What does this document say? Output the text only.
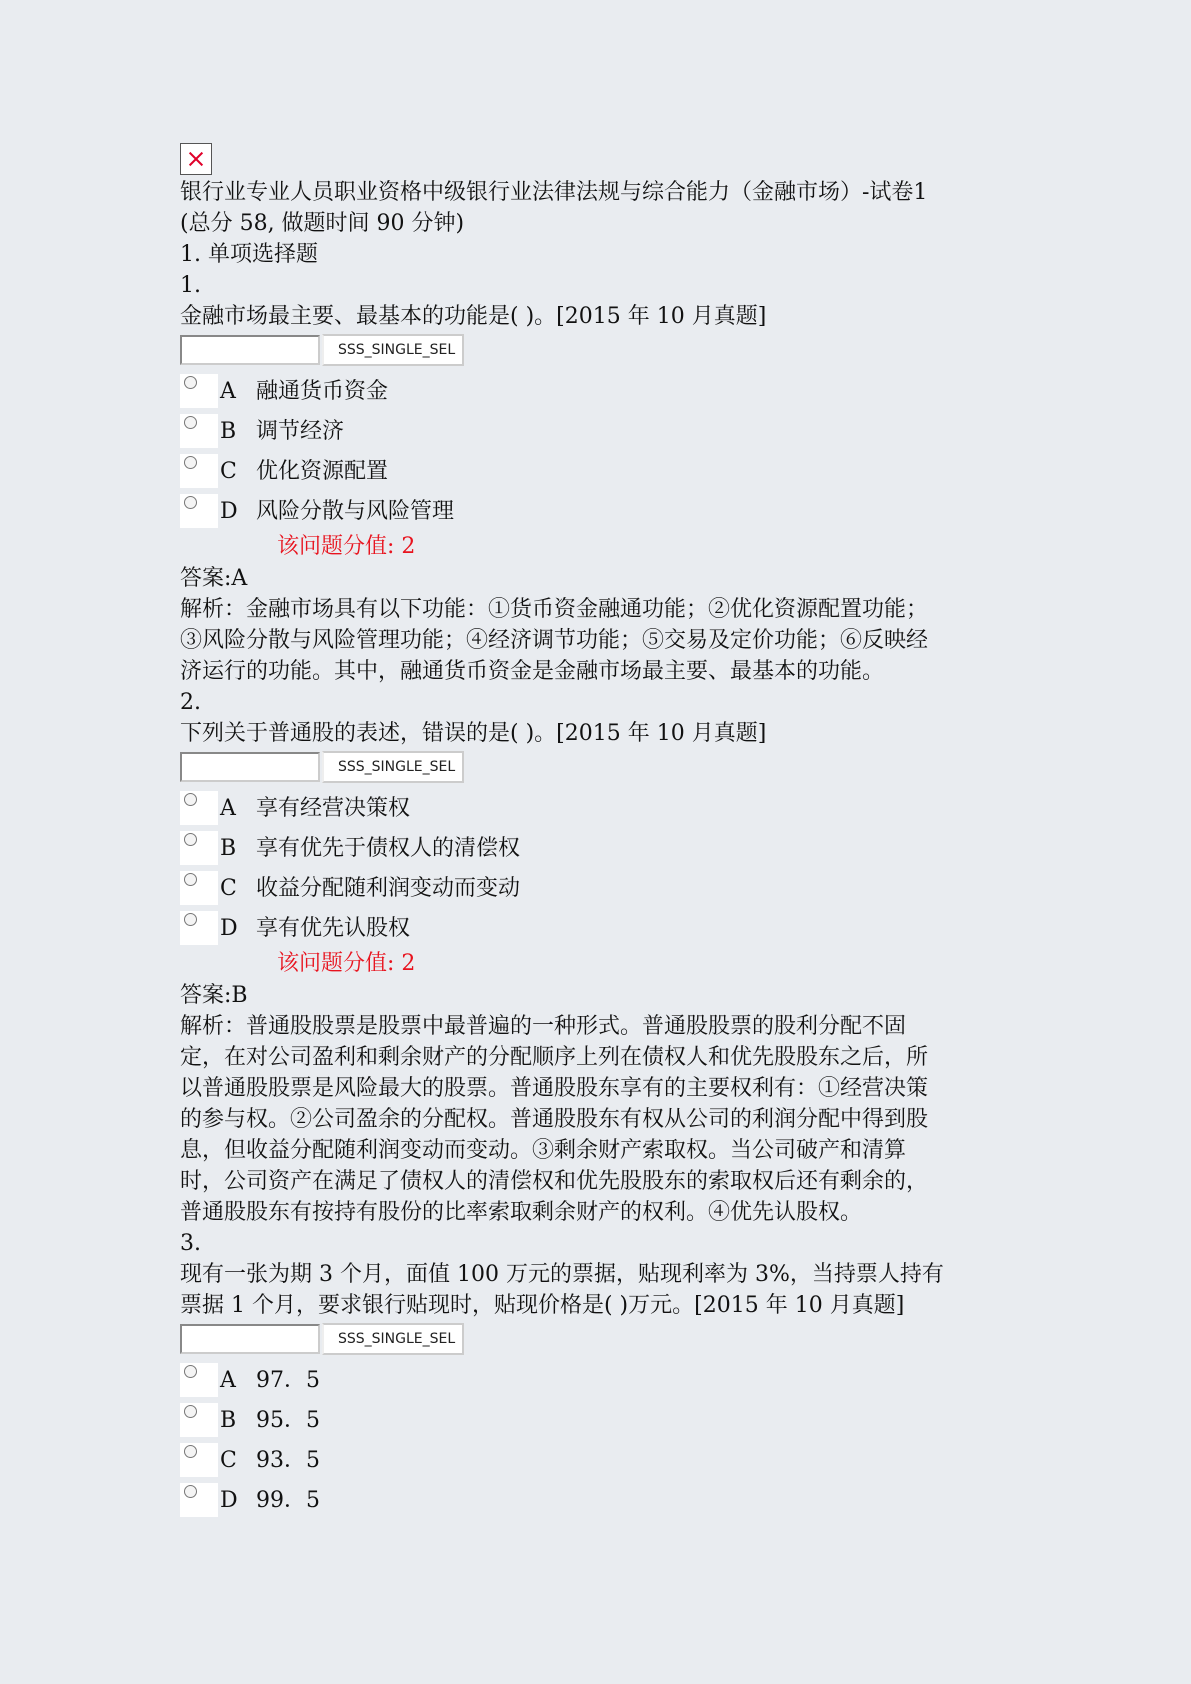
银行业专业人员职业资格中级银行业法律法规与综合能力（金融市场）-试卷1
(总分 58, 做题时间 90 分钟)
1. 单项选择题
1.
金融市场最主要、最基本的功能是( )。[2015 年 10 月真题]
SSS_SINGLE_SEL
A 融通货币资金
B 调节经济
C 优化资源配置
D 风险分散与风险管理
该问题分值: 2
答案:A
解析：金融市场具有以下功能：①货币资金融通功能；②优化资源配置功能；
③风险分散与风险管理功能；④经济调节功能；⑤交易及定价功能；⑥反映经
济运行的功能。其中，融通货币资金是金融市场最主要、最基本的功能。
2.
下列关于普通股的表述，错误的是( )。[2015 年 10 月真题]
SSS_SINGLE_SEL
A 享有经营决策权
B 享有优先于债权人的清偿权
C 收益分配随利润变动而变动
D 享有优先认股权
该问题分值: 2
答案:B
解析：普通股股票是股票中最普遍的一种形式。普通股股票的股利分配不固
定，在对公司盈利和剩余财产的分配顺序上列在债权人和优先股股东之后，所
以普通股股票是风险最大的股票。普通股股东享有的主要权利有：①经营决策
的参与权。②公司盈余的分配权。普通股股东有权从公司的利润分配中得到股
息，但收益分配随利润变动而变动。③剩余财产索取权。当公司破产和清算
时，公司资产在满足了债权人的清偿权和优先股股东的索取权后还有剩余的，
普通股股东有按持有股份的比率索取剩余财产的权利。④优先认股权。
3.
现有一张为期 3 个月，面值 100 万元的票据，贴现利率为 3%，当持票人持有
票据 1 个月，要求银行贴现时，贴现价格是( )万元。[2015 年 10 月真题]
SSS_SINGLE_SEL
A 97．5
B 95．5
C 93．5
D 99．5
